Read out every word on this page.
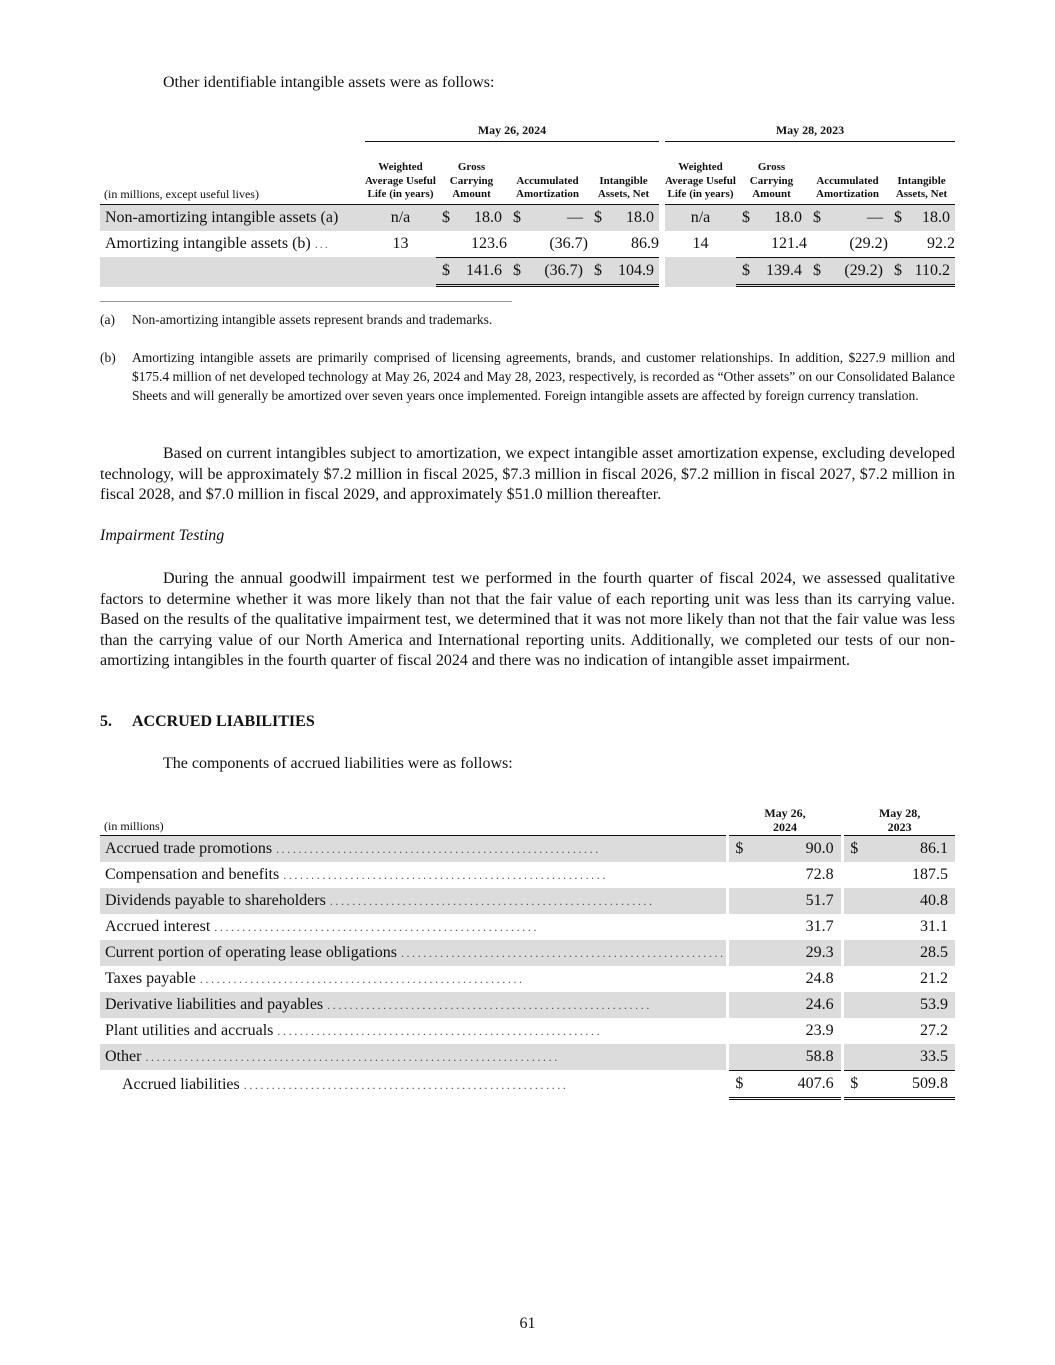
Other identifiable intangible assets were as follows:
	May 26, 2024					May 28, 2023			
(in millions, except useful lives)	Weighted Average Useful Life (in years)	Gross Carrying Amount	Accumulated Amortization	Intangible Assets, Net		Weighted Average Useful Life (in years)	Gross Carrying Amount	Accumulated Amortization	Intangible Assets, Net
Non-amortizing intangible assets (a)	n/a	$ 18.0	$ —	$ 18.0		n/a	$ 18.0	$ —	$ 18.0

Amortizing intangible assets (b) ...	13	123.6	(36.7)	86.9		14	121.4	(29.2)	92.2

		$ 141.6	$ (36.7)	$ 104.9			$ 139.4	$ (29.2)	$ 110.2
(a)	Non-amortizing intangible assets represent brands and trademarks.
(b)	Amortizing intangible assets are primarily comprised of licensing agreements, brands, and customer relationships. In addition, $227.9 million and $175.4 million of net developed technology at May 26, 2024 and May 28, 2023, respectively, is recorded as “Other assets” on our Consolidated Balance Sheets and will generally be amortized over seven years once implemented. Foreign intangible assets are affected by foreign currency translation.
Based on current intangibles subject to amortization, we expect intangible asset amortization expense, excluding developed technology, will be approximately $7.2 million in fiscal 2025, $7.3 million in fiscal 2026, $7.2 million in fiscal 2027, $7.2 million in fiscal 2028, and $7.0 million in fiscal 2029, and approximately $51.0 million thereafter.
Impairment Testing
During the annual goodwill impairment test we performed in the fourth quarter of fiscal 2024, we assessed qualitative factors to determine whether it was more likely than not that the fair value of each reporting unit was less than its carrying value. Based on the results of the qualitative impairment test, we determined that it was not more likely than not that the fair value was less than the carrying value of our North America and International reporting units. Additionally, we completed our tests of our non-amortizing intangibles in the fourth quarter of fiscal 2024 and there was no indication of intangible asset impairment.
5. ACCRUED LIABILITIES
The components of accrued liabilities were as follows:
(in millions)		May 26,
2024			May 28,
2023	
Accrued trade promotions ..........................................................		$	90.0		$	86.1
Compensation and benefits ..........................................................			72.8			187.5
Dividends payable to shareholders ..........................................................			51.7			40.8
Accrued interest ..........................................................			31.7			31.1
Current portion of operating lease obligations ..........................................................			29.3			28.5
Taxes payable ..........................................................			24.8			21.2
Derivative liabilities and payables ..........................................................			24.6			53.9
Plant utilities and accruals ..........................................................			23.9			27.2
Other ..........................................................................			58.8			33.5
Accrued liabilities ..........................................................		$	407.6		$	509.8
61
